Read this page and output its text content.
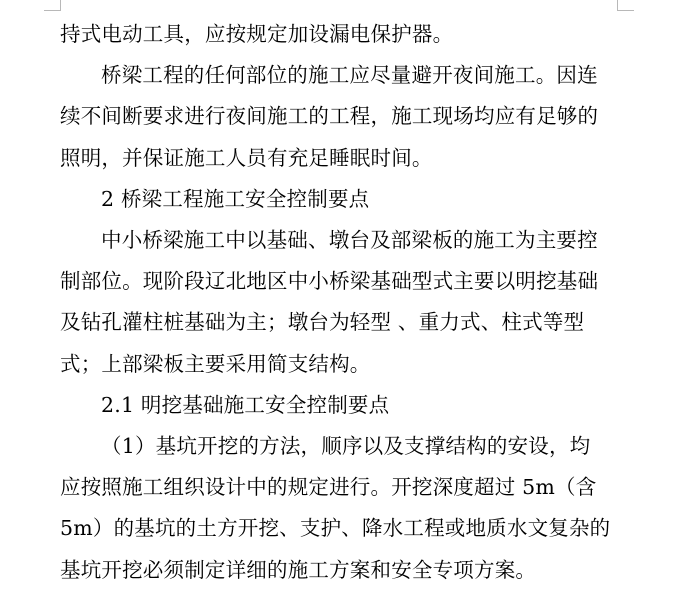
持式电动工具，应按规定加设漏电保护器。
桥梁工程的任何部位的施工应尽量避开夜间施工。因连
续不间断要求进行夜间施工的工程，施工现场均应有足够的
照明，并保证施工人员有充足睡眠时间。
2 桥梁工程施工安全控制要点
中小桥梁施工中以基础、墩台及部梁板的施工为主要控
制部位。现阶段辽北地区中小桥梁基础型式主要以明挖基础
及钻孔灌柱桩基础为主；墩台为轻型 、重力式、柱式等型
式；上部梁板主要采用简支结构。
2.1 明挖基础施工安全控制要点
（1）基坑开挖的方法，顺序以及支撑结构的安设，均
应按照施工组织设计中的规定进行。开挖深度超过 5m（含
5m）的基坑的土方开挖、支护、降水工程或地质水文复杂的
基坑开挖必须制定详细的施工方案和安全专项方案。
